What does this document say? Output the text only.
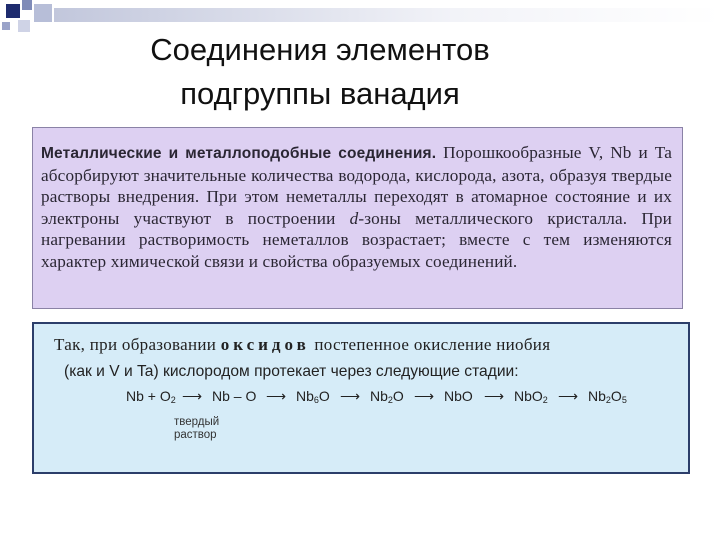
Соединения элементов
подгруппы ванадия
Металлические и металлоподобные соединения. Порошкообразные V, Nb и Ta абсорбируют значительные количества водорода, кислорода, азота, образуя твердые растворы внедрения. При этом неметаллы переходят в атомарное состояние и их электроны участвуют в построении d-зоны металлического кристалла. При нагревании растворимость неметаллов возрастает; вместе с тем изменяются характер химической связи и свойства образуемых соединений.
Так, при образовании оксидов постепенное окисление ниобия
(как и V и Ta) кислородом протекает через следующие стадии:
$Nb + O_2$ ⟶ Nb – O ⟶ $Nb_6O$ ⟶ $Nb_2O$ ⟶ NbO ⟶ NbO$_2$ ⟶ $Nb_2O_5$
твердый
раствор
